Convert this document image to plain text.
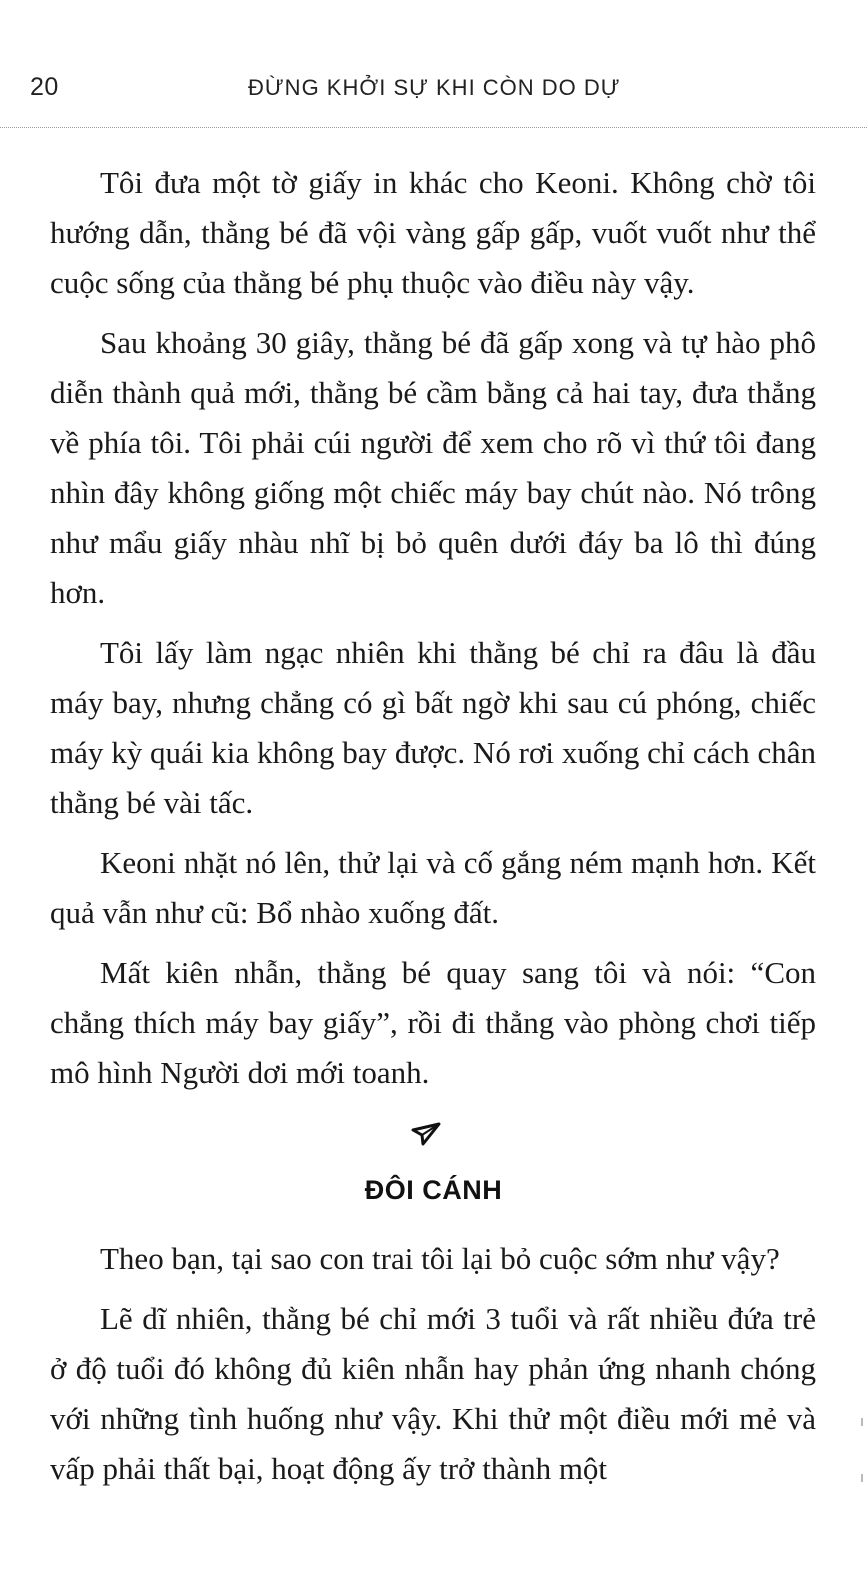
20	ĐỪNG KHỞI SỰ KHI CÒN DO DỰ

Tôi đưa một tờ giấy in khác cho Keoni. Không chờ tôi hướng dẫn, thằng bé đã vội vàng gấp gấp, vuốt vuốt như thể cuộc sống của thằng bé phụ thuộc vào điều này vậy.

Sau khoảng 30 giây, thằng bé đã gấp xong và tự hào phô diễn thành quả mới, thằng bé cầm bằng cả hai tay, đưa thẳng về phía tôi. Tôi phải cúi người để xem cho rõ vì thứ tôi đang nhìn đây không giống một chiếc máy bay chút nào. Nó trông như mẩu giấy nhàu nhĩ bị bỏ quên dưới đáy ba lô thì đúng hơn.

Tôi lấy làm ngạc nhiên khi thằng bé chỉ ra đâu là đầu máy bay, nhưng chẳng có gì bất ngờ khi sau cú phóng, chiếc máy kỳ quái kia không bay được. Nó rơi xuống chỉ cách chân thằng bé vài tấc.

Keoni nhặt nó lên, thử lại và cố gắng ném mạnh hơn. Kết quả vẫn như cũ: Bổ nhào xuống đất.

Mất kiên nhẫn, thằng bé quay sang tôi và nói: “Con chẳng thích máy bay giấy”, rồi đi thẳng vào phòng chơi tiếp mô hình Người dơi mới toanh.

ĐÔI CÁNH

Theo bạn, tại sao con trai tôi lại bỏ cuộc sớm như vậy?

Lẽ dĩ nhiên, thằng bé chỉ mới 3 tuổi và rất nhiều đứa trẻ ở độ tuổi đó không đủ kiên nhẫn hay phản ứng nhanh chóng với những tình huống như vậy. Khi thử một điều mới mẻ và vấp phải thất bại, hoạt động ấy trở thành một
